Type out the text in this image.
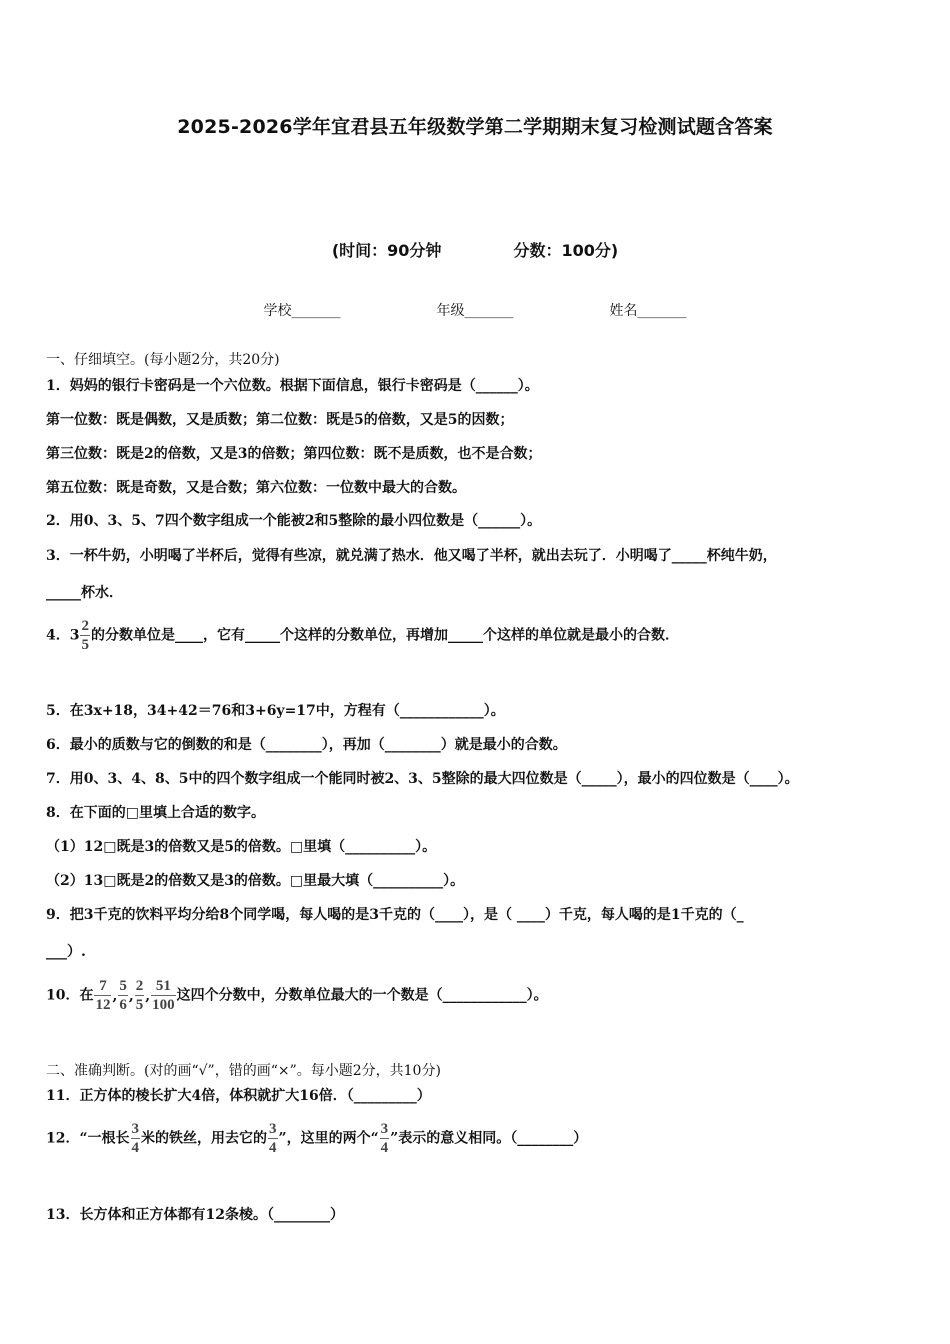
2025-2026学年宜君县五年级数学第二学期期末复习检测试题含答案
(时间：90分钟	分数：100分)
学校_______	年级_______	姓名_______
一、仔细填空。(每小题2分，共20分)
1．妈妈的银行卡密码是一个六位数。根据下面信息，银行卡密码是（______）。
第一位数：既是偶数，又是质数；第二位数：既是5的倍数，又是5的因数；
第三位数：既是2的倍数，又是3的倍数；第四位数：既不是质数，也不是合数；
第五位数：既是奇数，又是合数；第六位数：一位数中最大的合数。
2．用0、3、5、7四个数字组成一个能被2和5整除的最小四位数是（______）。
3．一杯牛奶，小明喝了半杯后，觉得有些凉，就兑满了热水．他又喝了半杯，就出去玩了．小明喝了_____杯纯牛奶，
_____杯水．
4．$3 \frac{2}{5}$ 的分数单位是____，它有_____个这样的分数单位，再增加_____个这样的单位就是最小的合数．
5．在3x+18，34+42＝76和3+6y=17中，方程有（____________）。
6．最小的质数与它的倒数的和是（________），再加（________）就是最小的合数。
7．用0、3、4、8、5中的四个数字组成一个能同时被2、3、5整除的最大四位数是（_____），最小的四位数是（____）。
8．在下面的□里填上合适的数字。
（1）12□既是3的倍数又是5的倍数。□里填（__________）。
（2）13□既是2的倍数又是3的倍数。□里最大填（__________）。
9．把3千克的饮料平均分给8个同学喝，每人喝的是3千克的（____），是（ ____）千克，每人喝的是1千克的（_
___）.
10．在 $\frac{7}{12}$ , $\frac{5}{6}$ , $\frac{2}{5}$ , $\frac{51}{100}$ 这四个分数中，分数单位最大的一个数是（____________）。
二、准确判断。(对的画“√”，错的画“×”。每小题2分，共10分)
11．正方体的棱长扩大4倍，体积就扩大16倍．（_________）
12．“一根长 $\frac{3}{4}$ 米的铁丝，用去它的 $\frac{3}{4}$ ”，这里的两个“ $\frac{3}{4}$ ”表示的意义相同。（________）
13．长方体和正方体都有12条棱。（________）
